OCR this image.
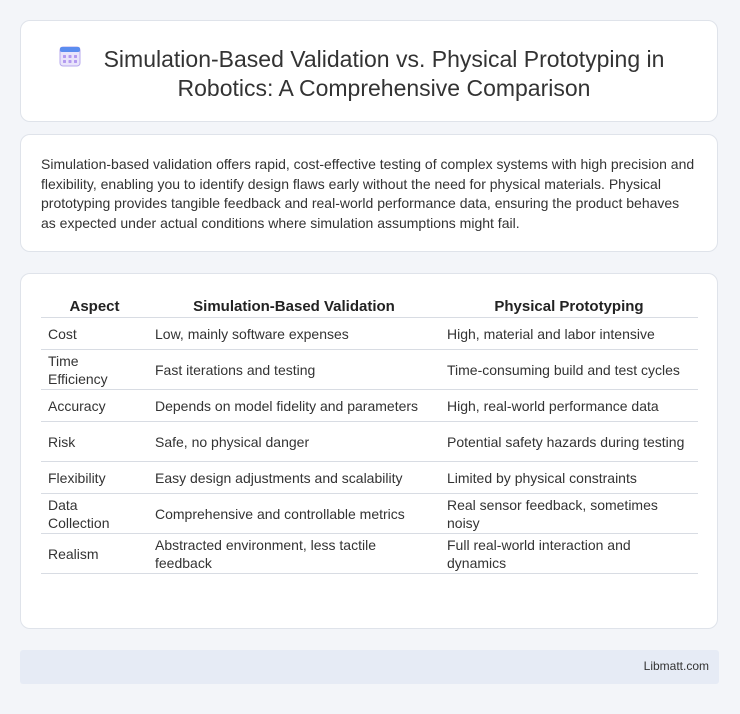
Simulation-Based Validation vs. Physical Prototyping in Robotics: A Comprehensive Comparison
Simulation-based validation offers rapid, cost-effective testing of complex systems with high precision and flexibility, enabling you to identify design flaws early without the need for physical materials. Physical prototyping provides tangible feedback and real-world performance data, ensuring the product behaves as expected under actual conditions where simulation assumptions might fail.
Aspect	Simulation-Based Validation	Physical Prototyping
Cost	Low, mainly software expenses	High, material and labor intensive
Time Efficiency	Fast iterations and testing	Time-consuming build and test cycles
Accuracy	Depends on model fidelity and parameters	High, real-world performance data
Risk	Safe, no physical danger	Potential safety hazards during testing
Flexibility	Easy design adjustments and scalability	Limited by physical constraints
Data Collection	Comprehensive and controllable metrics	Real sensor feedback, sometimes noisy
Realism	Abstracted environment, less tactile feedback	Full real-world interaction and dynamics
Libmatt.com
